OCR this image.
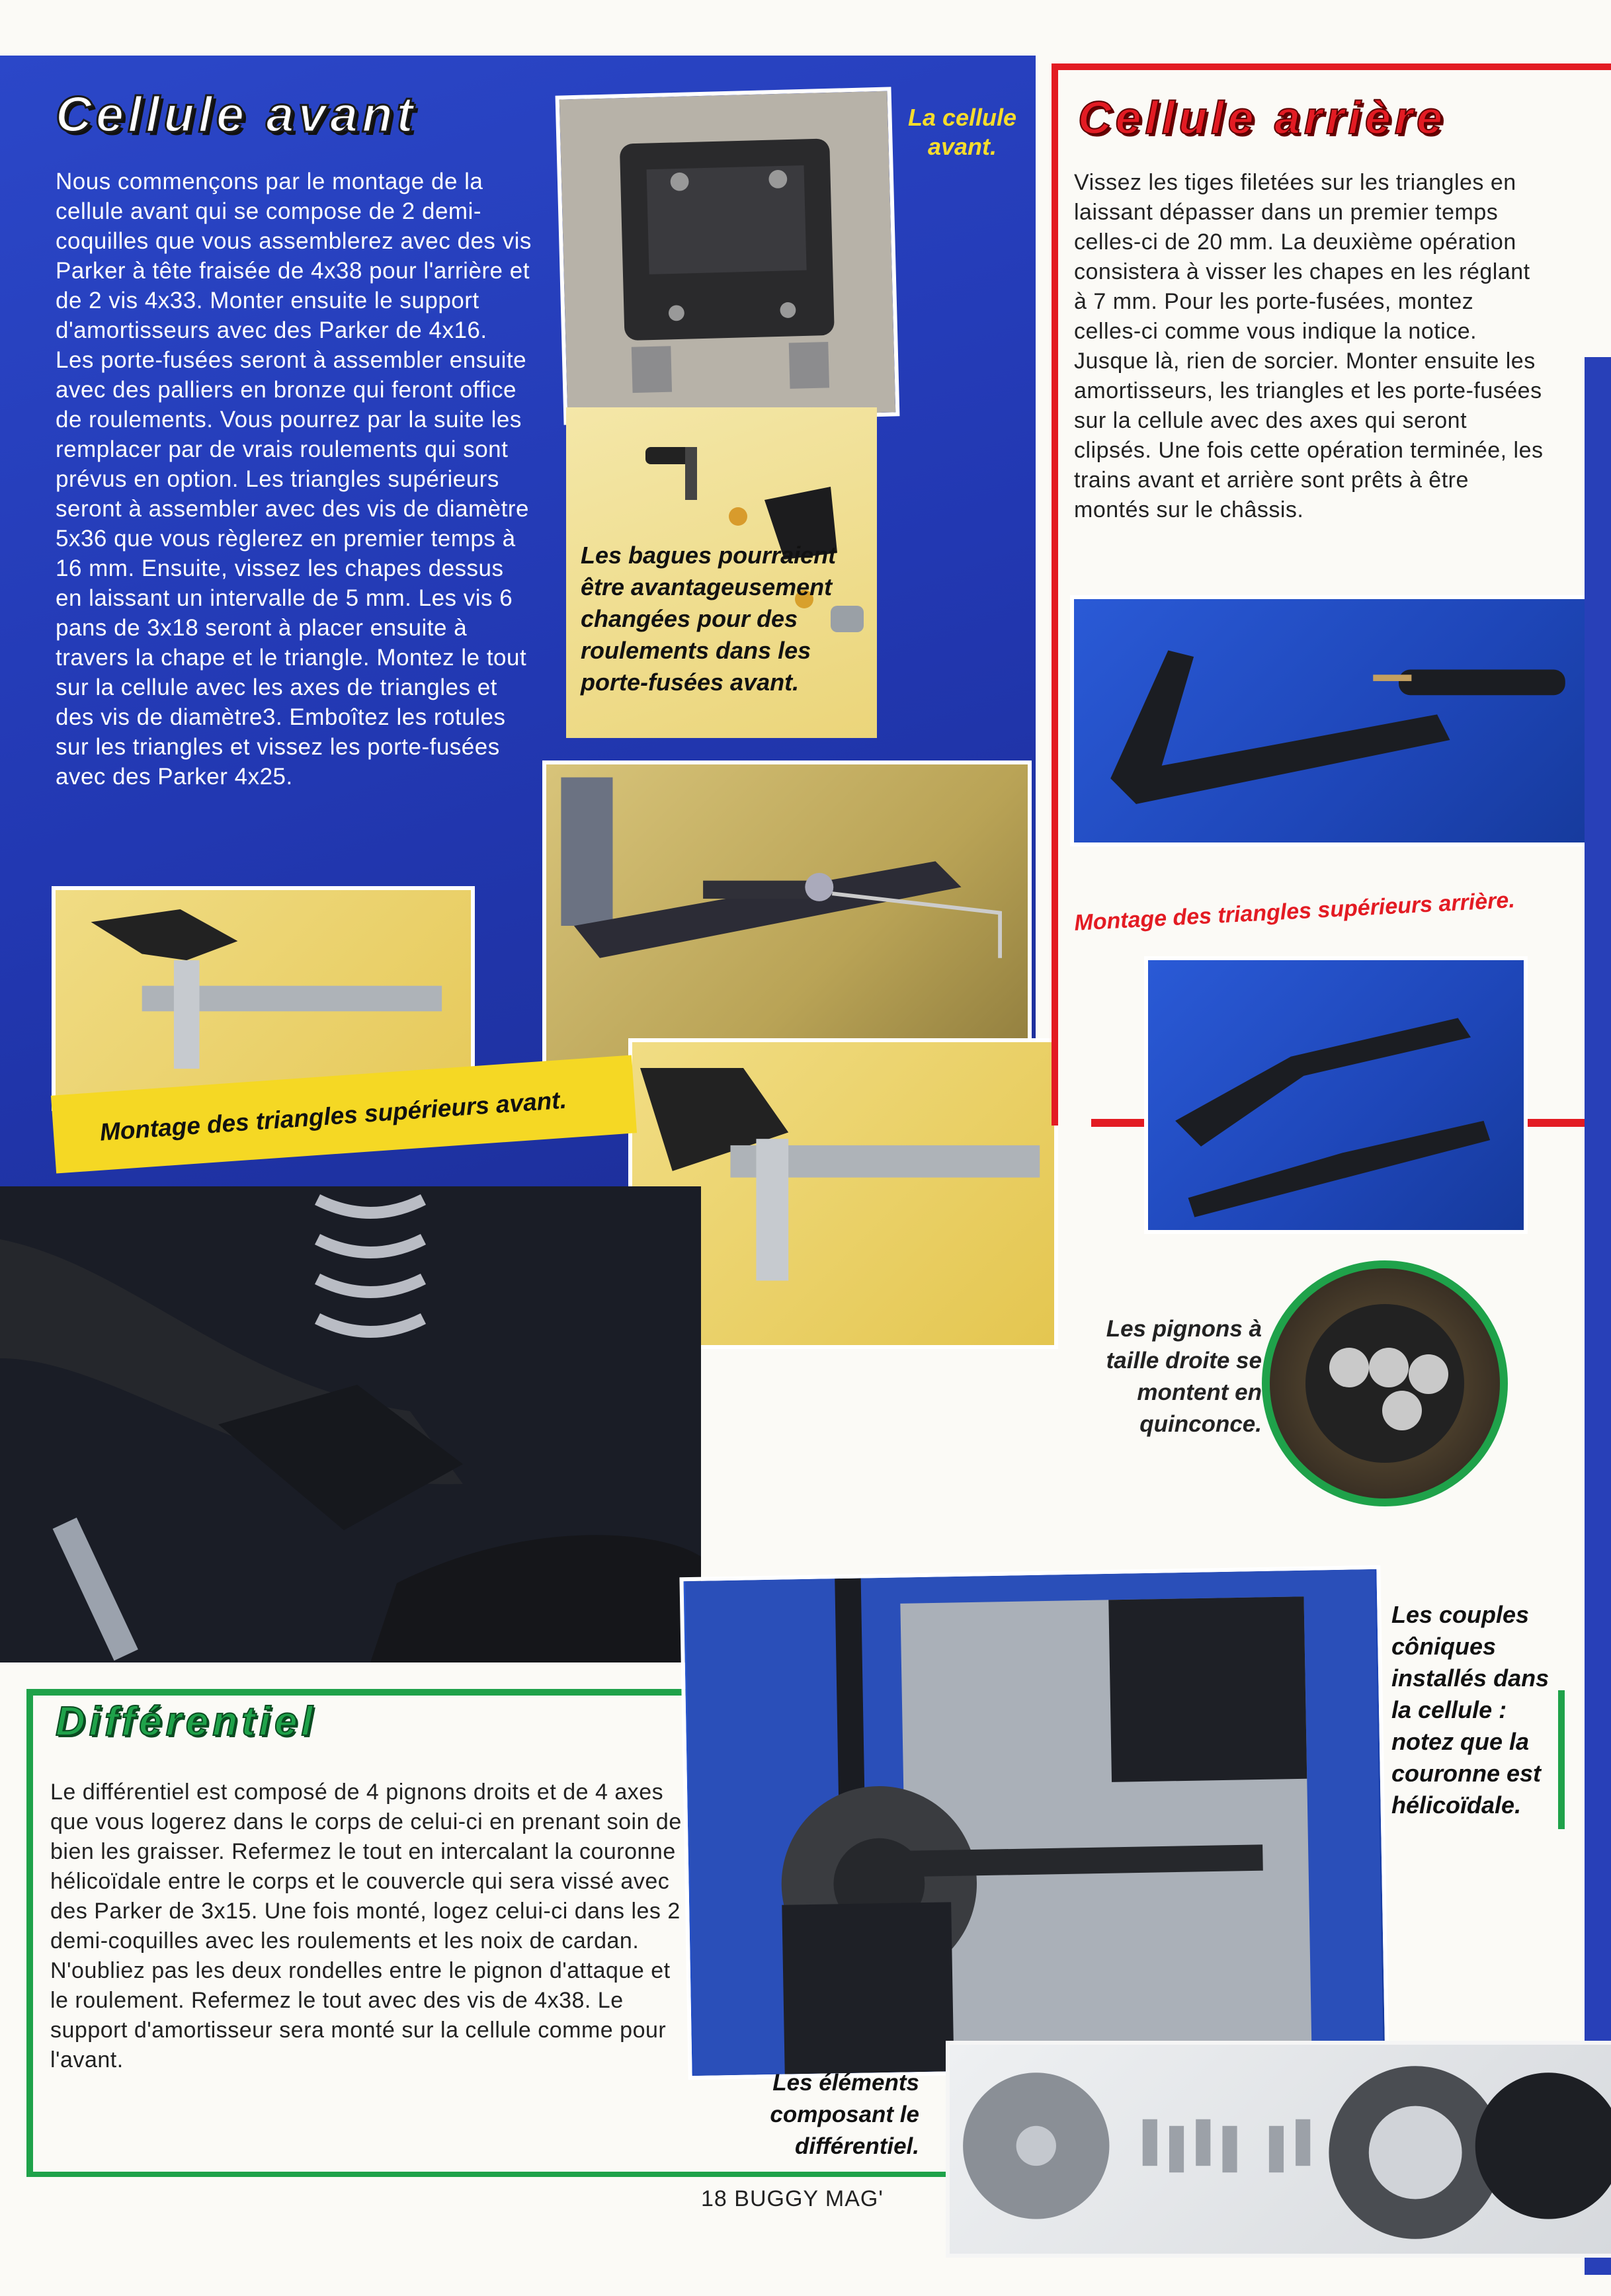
Cellule avant
Nous commençons par le montage de la cellule avant qui se compose de 2 demi-coquilles que vous assemblerez avec des vis Parker à tête fraisée de 4x38 pour l'arrière et de 2 vis 4x33. Monter ensuite le support d'amortisseurs avec des Parker de 4x16. Les porte-fusées seront à assembler ensuite avec des palliers en bronze qui feront office de roulements. Vous pourrez par la suite les remplacer par de vrais roulements qui sont prévus en option. Les triangles supérieurs seront à assembler avec des vis de diamètre 5x36 que vous règlerez en premier temps à 16 mm. Ensuite, vissez les chapes dessus en laissant un intervalle de 5 mm. Les vis 6 pans de 3x18 seront à placer ensuite à travers la chape et le triangle. Montez le tout sur la cellule avec les axes de triangles et des vis de diamètre3. Emboîtez les rotules sur les triangles et vissez les porte-fusées avec des Parker 4x25.
La cellule avant.
Les bagues pourraient être avantageusement changées pour des roulements dans les porte-fusées avant.
Montage des triangles supérieurs avant.
Cellule arrière
Vissez les tiges filetées sur les triangles en laissant dépasser dans un premier temps celles-ci de 20 mm. La deuxième opération consistera à visser les chapes en les réglant à 7 mm. Pour les porte-fusées, montez celles-ci comme vous indique la notice. Jusque là, rien de sorcier. Monter ensuite les amortisseurs, les triangles et les porte-fusées sur la cellule avec des axes qui seront clipsés. Une fois cette opération terminée, les trains avant et arrière sont prêts à être montés sur le châssis.
Montage des triangles supérieurs arrière.
Les pignons à taille droite se montent en quinconce.
Différentiel
Le différentiel est composé de 4 pignons droits et de 4 axes que vous logerez dans le corps de celui-ci en prenant soin de bien les graisser. Refermez le tout en intercalant la couronne hélicoïdale entre le corps et le couvercle qui sera vissé avec des Parker de 3x15. Une fois monté, logez celui-ci dans les 2 demi-coquilles avec les roulements et les noix de cardan. N'oubliez pas les deux rondelles entre le pignon d'attaque et le roulement. Refermez le tout avec des vis de 4x38. Le support d'amortisseur sera monté sur la cellule comme pour l'avant.
Les couples côniques installés dans la cellule : notez que la couronne est hélicoïdale.
Les éléments composant le différentiel.
18 BUGGY MAG'
